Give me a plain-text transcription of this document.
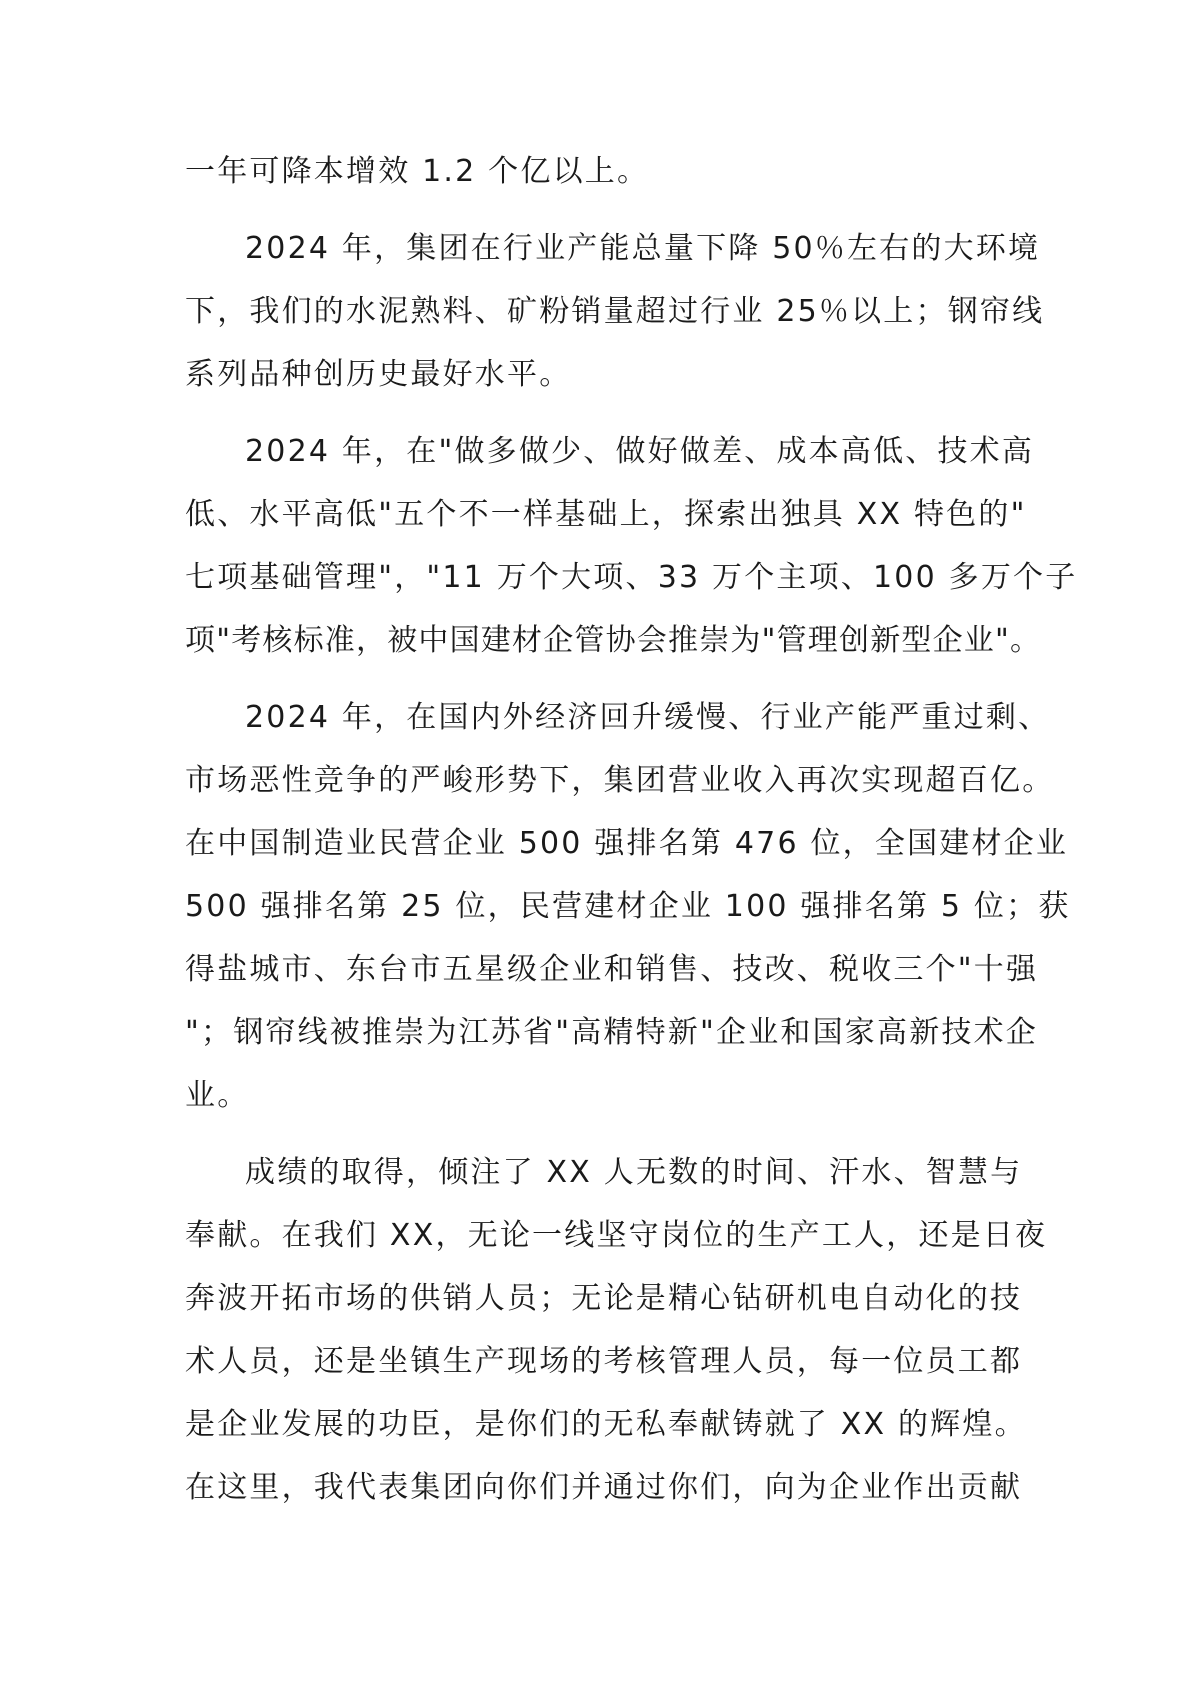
一年可降本增效 1.2 个亿以上。
2024 年，集团在行业产能总量下降 50％左右的大环境
下，我们的水泥熟料、矿粉销量超过行业 25％以上；钢帘线
系列品种创历史最好水平。
2024 年，在"做多做少、做好做差、成本高低、技术高
低、水平高低"五个不一样基础上，探索出独具 XX 特色的"
七项基础管理"，"11 万个大项、33 万个主项、100 多万个子
项"考核标准，被中国建材企管协会推崇为"管理创新型企业"。
2024 年，在国内外经济回升缓慢、行业产能严重过剩、
市场恶性竞争的严峻形势下，集团营业收入再次实现超百亿。
在中国制造业民营企业 500 强排名第 476 位，全国建材企业
500 强排名第 25 位，民营建材企业 100 强排名第 5 位；获
得盐城市、东台市五星级企业和销售、技改、税收三个"十强
"；钢帘线被推崇为江苏省"高精特新"企业和国家高新技术企
业。
成绩的取得，倾注了 XX 人无数的时间、汗水、智慧与
奉献。在我们 XX，无论一线坚守岗位的生产工人，还是日夜
奔波开拓市场的供销人员；无论是精心钻研机电自动化的技
术人员，还是坐镇生产现场的考核管理人员，每一位员工都
是企业发展的功臣，是你们的无私奉献铸就了 XX 的辉煌。
在这里，我代表集团向你们并通过你们，向为企业作出贡献
